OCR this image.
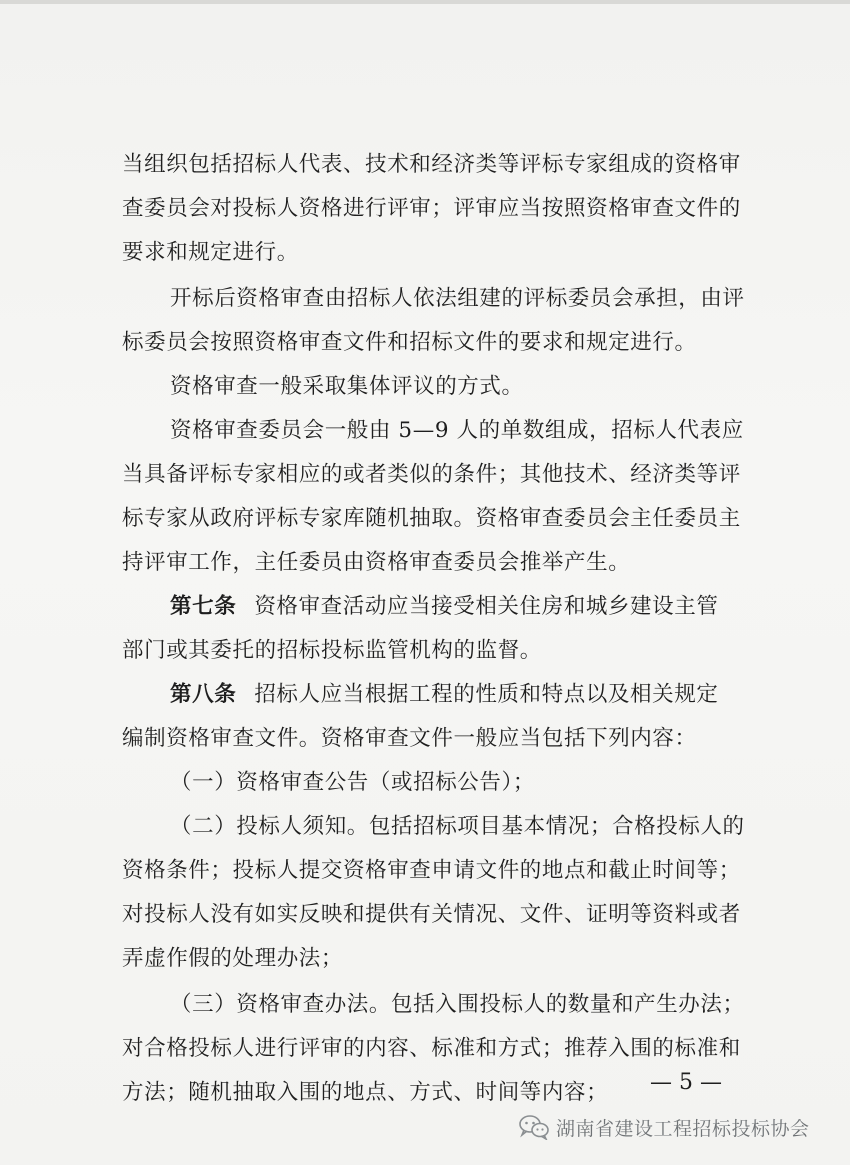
当组织包括招标人代表、技术和经济类等评标专家组成的资格审
查委员会对投标人资格进行评审；评审应当按照资格审查文件的
要求和规定进行。
开标后资格审查由招标人依法组建的评标委员会承担，由评
标委员会按照资格审查文件和招标文件的要求和规定进行。
资格审查一般采取集体评议的方式。
资格审查委员会一般由 5—9 人的单数组成，招标人代表应
当具备评标专家相应的或者类似的条件；其他技术、经济类等评
标专家从政府评标专家库随机抽取。资格审查委员会主任委员主
持评审工作，主任委员由资格审查委员会推举产生。
第七条 资格审查活动应当接受相关住房和城乡建设主管
部门或其委托的招标投标监管机构的监督。
第八条 招标人应当根据工程的性质和特点以及相关规定
编制资格审查文件。资格审查文件一般应当包括下列内容：
（一）资格审查公告（或招标公告）；
（二）投标人须知。包括招标项目基本情况；合格投标人的
资格条件；投标人提交资格审查申请文件的地点和截止时间等；
对投标人没有如实反映和提供有关情况、文件、证明等资料或者
弄虚作假的处理办法；
（三）资格审查办法。包括入围投标人的数量和产生办法；
对合格投标人进行评审的内容、标准和方式；推荐入围的标准和
方法；随机抽取入围的地点、方式、时间等内容； — 5 —
湖南省建设工程招标投标协会
